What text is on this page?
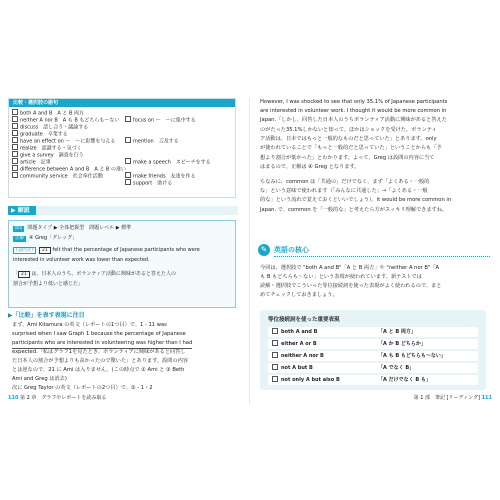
比較・選択肢の語句
both A and B　A と B 両方
neither A nor B　A も B もどちらも〜ない
discuss　話し合う・議論する
graduate　卒業する
have an effect on ～　～に影響を与える
realize　認識する・気づく
give a survey　調査を行う
article　記事
difference between A and B　A と B の違い
community service　社会奉仕活動
focus on ～　～に集中する
mention　言及する
make a speech　スピーチをする
make friends　友達を作る
support　助ける
▶ 解説
問1 問題タイプ ▶ 全体把握型　問題レベル ▶ 標準
正解 ④ Greg「グレッグ」
(設問文) 21 felt that the percentage of Japanese participants who were
interested in volunteer work was lower than expected.
「 21 は、日本人のうち、ボランティア活動に興味があると答えた人の
割合が予想より低いと感じた」
▶「比較」を表す表現に注目
まず、Ami Kitamura の英文（レポートの1つ目）で、1 - 11 was
surprised when I saw Graph 1 because the percentage of Japanese
participants who are interested in volunteering was higher than I had
expected.「私はグラフ1を見たとき、ボランティアに興味があると回答し
た日本人の割合が予想よりも高かったので驚いた」とあります。設問の内容
とは逆なので、21 に Ami は入りません。(この時点で ① Ami と ③ Beth
Ami and Greg は消去)
次に Greg Taylor の英文（レポートの2つ目）で、② - 1・2
110 第 2 章　グラフやレポートを読み取る
However, I was shocked to see that only 35.1% of Japanese participants
are interested in volunteer work. I thought it would be more common in
Japan.「しかし、回答した日本人のうちボランティア活動に興味があると答えた
のがたった35.1%しかないと知って、ほかはショックを受けた。ボランティ
ア活動は、日本ではもっと一般的なものだと思っていた」とあります。only
が使われていることで「もっと一般的だと思っていた」ということからも「予
想より割合が低かった」とわかります。よって、Greg は設問の内容に当て
はまるので、正解は ④ Greg となります。
ちなみに、common は「共通の」だけでなく、まず「よくある・一般的
な」という意味で使われます（「みんなに共通した」→「よくある・一般
的な」という流れで覚えておくといいでしょう）。it would be more common in
Japan. で、common を「一般的な」と考えたら方がスッキリ理解できますね。
✎ 英語の核心
今回は、選択肢で "both A and B"「A と B 両方」や "neither A nor B"「A
も B もどちらも〜ない」という表現が使われています。新テストでは
読解・選択肢でこういった等位接続詞を使った表現がよく使われるので、まと
めてチェックしておきましょう。
等位接続詞を使った重要表現
both A and B	「A と B 両方」
either A or B	「A か B どちらか」
neither A nor B	「A も B もどちらも〜ない」
not A but B	「A でなく B」
not only A but also B	「A だけでなく B も」
第 1 部　筆記 [リーディング] 111
